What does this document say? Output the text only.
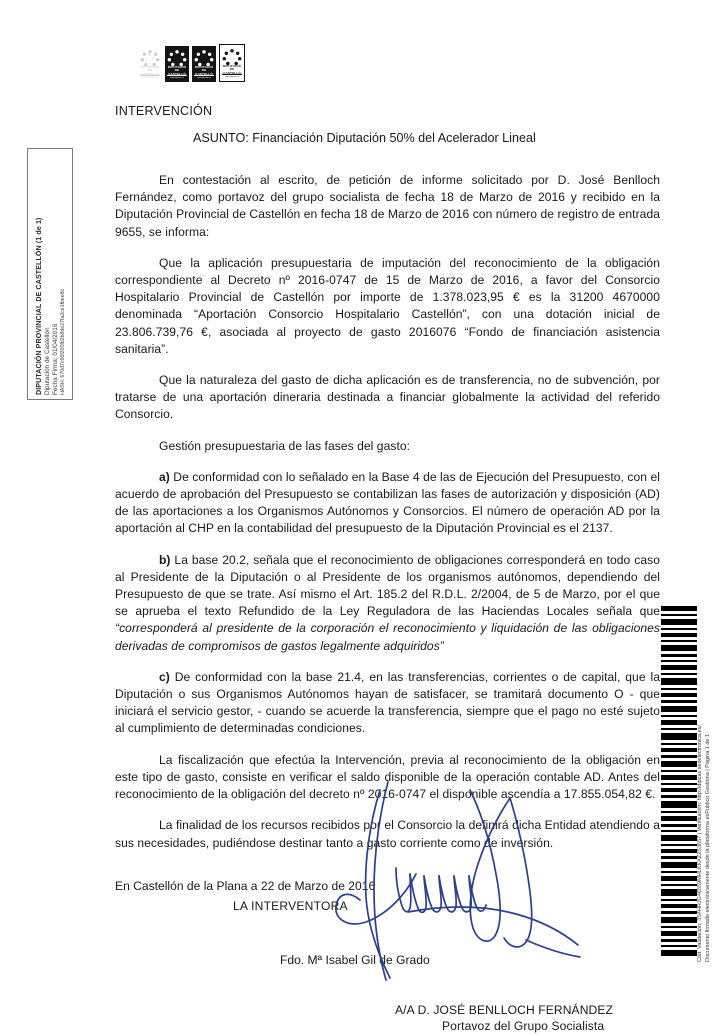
A
B
C
DIPUTACIÓ
DE
CASTELLÓ
www.dipcas.es
DIPUTACIÓ
DE
CASTELLÓ
www.dipcas.es
DIPUTACIÓ
DE
CASTELLÓ
www.dipcas.es
DIPUTACIÓ
DE
CASTELLÓ
www.dipcas.es
DIPUTACIÓN PROVINCIAL DE CASTELLÓN (1 de 1) Diputación de Castellón Fecha Firma: 01/04/2016 HASH: 679d7c66f200fb2b8de27fa2ce1fbee8c
Cód. Validación: 3S4HRJG46559MHLKKXZ2S3657 | Verificación: http://dipcas.sedelectronica.es/ Documento firmado electrónicamente desde la plataforma esPublico Gestiona | Página 1 de 1
INTERVENCIÓN
ASUNTO: Financiación Diputación 50% del Acelerador Lineal

En contestación al escrito, de petición de informe solicitado por D. José Benlloch Fernández, como portavoz del grupo socialista de fecha 18 de Marzo de 2016 y recibido en la Diputación Provincial de Castellón en fecha 18 de Marzo de 2016 con número de registro de entrada 9655, se informa:

Que la aplicación presupuestaria de imputación del reconocimiento de la obligación correspondiente al Decreto nº 2016-0747 de 15 de Marzo de 2016, a favor del Consorcio Hospitalario Provincial de Castellón por importe de 1.378.023,95 € es la 31200 4670000 denominada “Aportación Consorcio Hospitalario Castellón”, con una dotación inicial de 23.806.739,76 €, asociada al proyecto de gasto 2016076 “Fondo de financiación asistencia sanitaria”.

Que la naturaleza del gasto de dicha aplicación es de transferencia, no de subvención, por tratarse de una aportación dineraria destinada a financiar globalmente la actividad del referido Consorcio.

Gestión presupuestaria de las fases del gasto:

a) De conformidad con lo señalado en la Base 4 de las de Ejecución del Presupuesto, con el acuerdo de aprobación del Presupuesto se contabilizan las fases de autorización y disposición (AD) de las aportaciones a los Organismos Autónomos y Consorcios. El número de operación AD por la aportación al CHP en la contabilidad del presupuesto de la Diputación Provincial es el 2137.

b) La base 20.2, señala que el reconocimiento de obligaciones corresponderá en todo caso al Presidente de la Diputación o al Presidente de los organismos autónomos, dependiendo del Presupuesto de que se trate. Así mismo el Art. 185.2 del R.D.L. 2/2004, de 5 de Marzo, por el que se aprueba el texto Refundido de la Ley Reguladora de las Haciendas Locales señala que “corresponderá al presidente de la corporación el reconocimiento y liquidación de las obligaciones derivadas de compromisos de gastos legalmente adquiridos”

c) De conformidad con la base 21.4, en las transferencias, corrientes o de capital, que la Diputación o sus Organismos Autónomos hayan de satisfacer, se tramitará documento O - que iniciará el servicio gestor, - cuando se acuerde la transferencia, siempre que el pago no esté sujeto al cumplimiento de determinadas condiciones.

La fiscalización que efectúa la Intervención, previa al reconocimiento de la obligación en este tipo de gasto, consiste en verificar el saldo disponible de la operación contable AD. Antes del reconocimiento de la obligación del decreto nº 2016-0747 el disponible ascendía a 17.855.054,82 €.

La finalidad de los recursos recibidos por el Consorcio la definirá dicha Entidad atendiendo a sus necesidades, pudiéndose destinar tanto a gasto corriente como de inversión.

En Castellón de la Plana a 22 de Marzo de 2016
LA INTERVENTORA
Fdo. Mª Isabel Gil de Grado
A/A D. JOSÉ BENLLOCH FERNÁNDEZ
Portavoz del Grupo Socialista
